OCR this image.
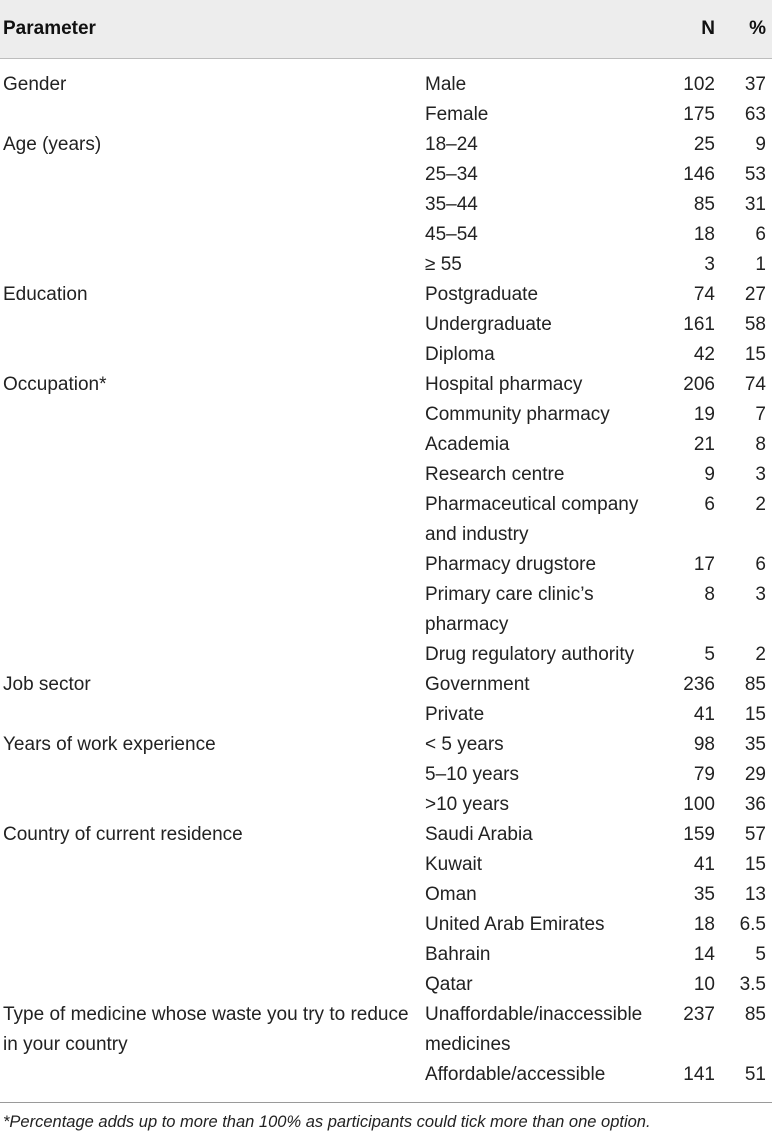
Parameter		N	%
Gender	Male	102	37
	Female	175	63
Age (years)	18–24	25	9
	25–34	146	53
	35–44	85	31
	45–54	18	6
	≥ 55	3	1
Education	Postgraduate	74	27
	Undergraduate	161	58
	Diploma	42	15
Occupation*	Hospital pharmacy	206	74
	Community pharmacy	19	7
	Academia	21	8
	Research centre	9	3
	Pharmaceutical company and industry	6	2
	Pharmacy drugstore	17	6
	Primary care clinic’s pharmacy	8	3
	Drug regulatory authority	5	2
Job sector	Government	236	85
	Private	41	15
Years of work experience	< 5 years	98	35
	5–10 years	79	29
	>10 years	100	36
Country of current residence	Saudi Arabia	159	57
	Kuwait	41	15
	Oman	35	13
	United Arab Emirates	18	6.5
	Bahrain	14	5
	Qatar	10	3.5
Type of medicine whose waste you try to reduce in your country	Unaffordable/inaccessible medicines	237	85
	Affordable/accessible	141	51
*Percentage adds up to more than 100% as participants could tick more than one option.
